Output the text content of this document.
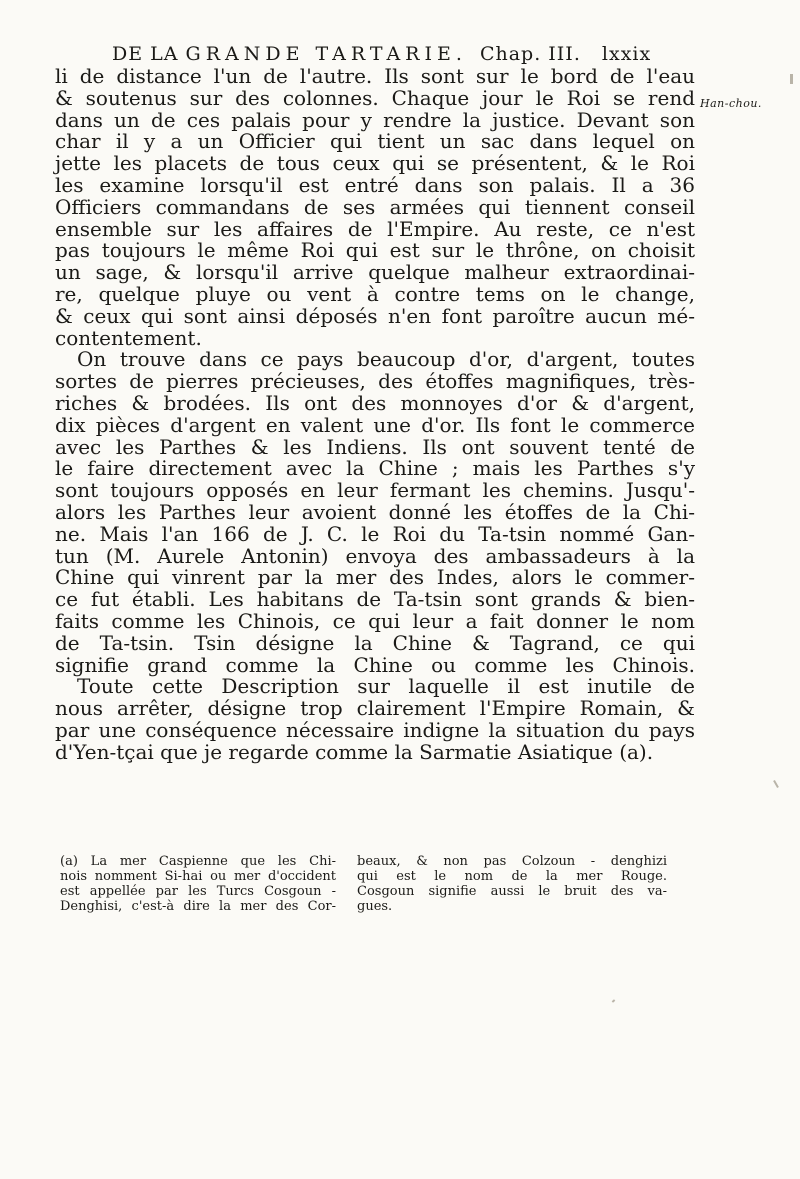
DE LA GRANDE TARTARIE. Chap. III. lxxix
Han-chou.
li de distance l'un de l'autre. Ils sont sur le bord de l'eau
& soutenus sur des colonnes. Chaque jour le Roi se rend
dans un de ces palais pour y rendre la justice. Devant son
char il y a un Officier qui tient un sac dans lequel on
jette les placets de tous ceux qui se présentent, & le Roi
les examine lorsqu'il est entré dans son palais. Il a 36
Officiers commandans de ses armées qui tiennent conseil
ensemble sur les affaires de l'Empire. Au reste, ce n'est
pas toujours le même Roi qui est sur le thrône, on choisit
un sage, & lorsqu'il arrive quelque malheur extraordinai-
re, quelque pluye ou vent à contre tems on le change,
& ceux qui sont ainsi déposés n'en font paroître aucun mé-
contentement.
On trouve dans ce pays beaucoup d'or, d'argent, toutes
sortes de pierres précieuses, des étoffes magnifiques, très-
riches & brodées. Ils ont des monnoyes d'or & d'argent,
dix pièces d'argent en valent une d'or. Ils font le commerce
avec les Parthes & les Indiens. Ils ont souvent tenté de
le faire directement avec la Chine ; mais les Parthes s'y
sont toujours opposés en leur fermant les chemins. Jusqu'-
alors les Parthes leur avoient donné les étoffes de la Chi-
ne. Mais l'an 166 de J. C. le Roi du Ta-tsin nommé Gan-
tun (M. Aurele Antonin) envoya des ambassadeurs à la
Chine qui vinrent par la mer des Indes, alors le commer-
ce fut établi. Les habitans de Ta-tsin sont grands & bien-
faits comme les Chinois, ce qui leur a fait donner le nom
de Ta-tsin. Tsin désigne la Chine & Tagrand, ce qui
signifie grand comme la Chine ou comme les Chinois.
Toute cette Description sur laquelle il est inutile de
nous arrêter, désigne trop clairement l'Empire Romain, &
par une conséquence nécessaire indigne la situation du pays
d'Yen-tçai que je regarde comme la Sarmatie Asiatique (a).
(a) La mer Caspienne que les Chi-
nois nomment Si-hai ou mer d'occident
est appellée par les Turcs Cosgoun -
Denghisi, c'est-à dire la mer des Cor-
beaux, & non pas Colzoun - denghizi
qui est le nom de la mer Rouge.
Cosgoun signifie aussi le bruit des va-
gues.
